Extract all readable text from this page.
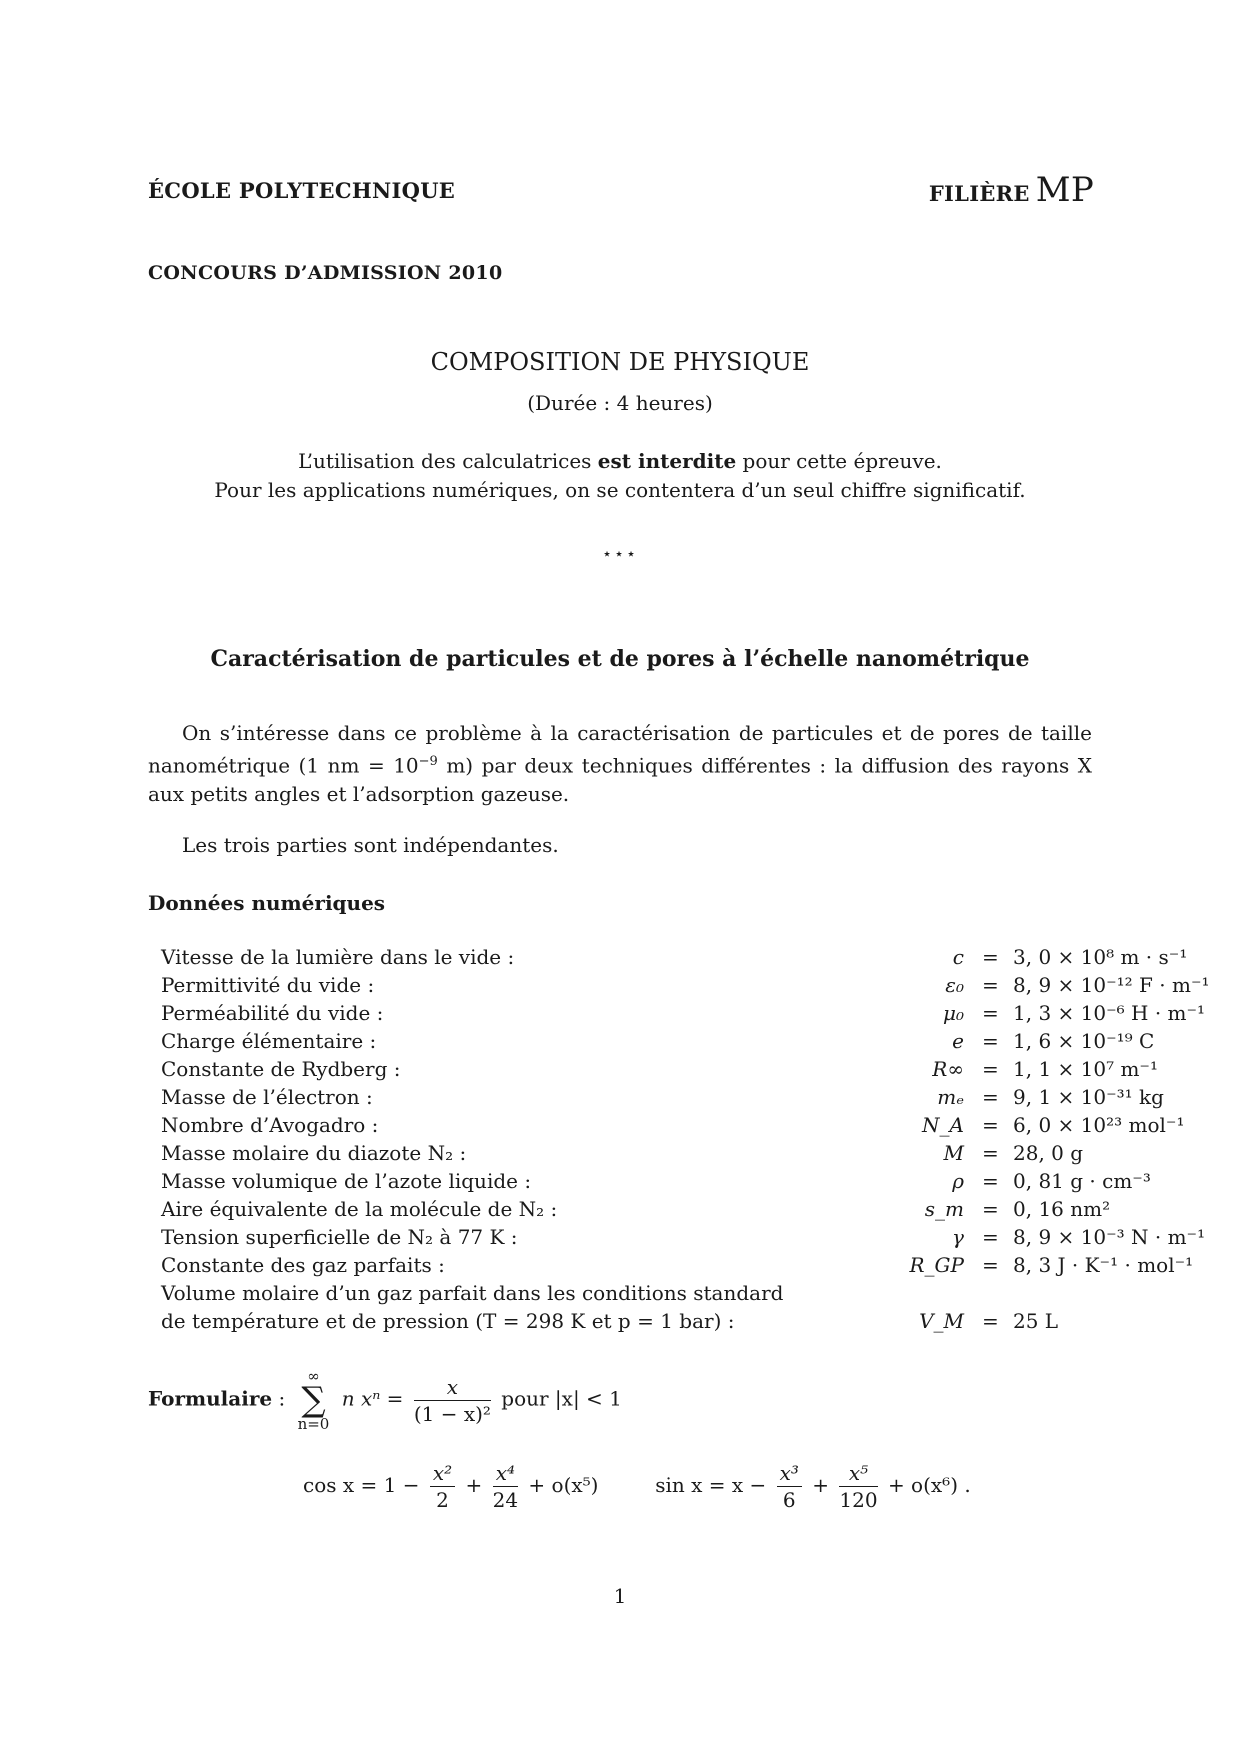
ÉCOLE POLYTECHNIQUE	FILIÈRE MP
CONCOURS D’ADMISSION 2010
COMPOSITION DE PHYSIQUE
(Durée : 4 heures)
L’utilisation des calculatrices est interdite pour cette épreuve.
Pour les applications numériques, on se contentera d’un seul chiffre significatif.
⋆⋆⋆
Caractérisation de particules et de pores à l’échelle nanométrique

On s’intéresse dans ce problème à la caractérisation de particules et de pores de taille nanométrique (1 nm = $10^{-9}$ m) par deux techniques différentes : la diffusion des rayons X aux petits angles et l’adsorption gazeuse.

Les trois parties sont indépendantes.
Données numériques
Vitesse de la lumière dans le vide :	c = 3, 0 × 10⁸ m · s⁻¹
Permittivité du vide :	ε₀ = 8, 9 × 10⁻¹² F · m⁻¹
Perméabilité du vide :	μ₀ = 1, 3 × 10⁻⁶ H · m⁻¹
Charge élémentaire :	e = 1, 6 × 10⁻¹⁹ C
Constante de Rydberg :	R∞ = 1, 1 × 10⁷ m⁻¹
Masse de l’électron :	mₑ = 9, 1 × 10⁻³¹ kg
Nombre d’Avogadro :	N_A = 6, 0 × 10²³ mol⁻¹
Masse molaire du diazote N₂ :	M = 28, 0 g
Masse volumique de l’azote liquide :	ρ = 0, 81 g · cm⁻³
Aire équivalente de la molécule de N₂ :	s_m = 0, 16 nm²
Tension superficielle de N₂ à 77 K :	γ = 8, 9 × 10⁻³ N · m⁻¹
Constante des gaz parfaits :	R_GP = 8, 3 J · K⁻¹ · mol⁻¹
Volume molaire d’un gaz parfait dans les conditions standard
de température et de pression (T = 298 K et p = 1 bar) :	V_M = 25 L
Formulaire :
∞
∑
n=0
n $x^n = \frac{x}{\text{(1 − x)²}}$ pour |x| < 1
$\cos x = 1 - \frac{\text{x²}}{2} + \frac{\text{x⁴}}{24} + o(x^5)$	$\sin x = x - \frac{\text{x³}}{6} + \frac{\text{x⁵}}{120} + o(x^6)$ .
1
